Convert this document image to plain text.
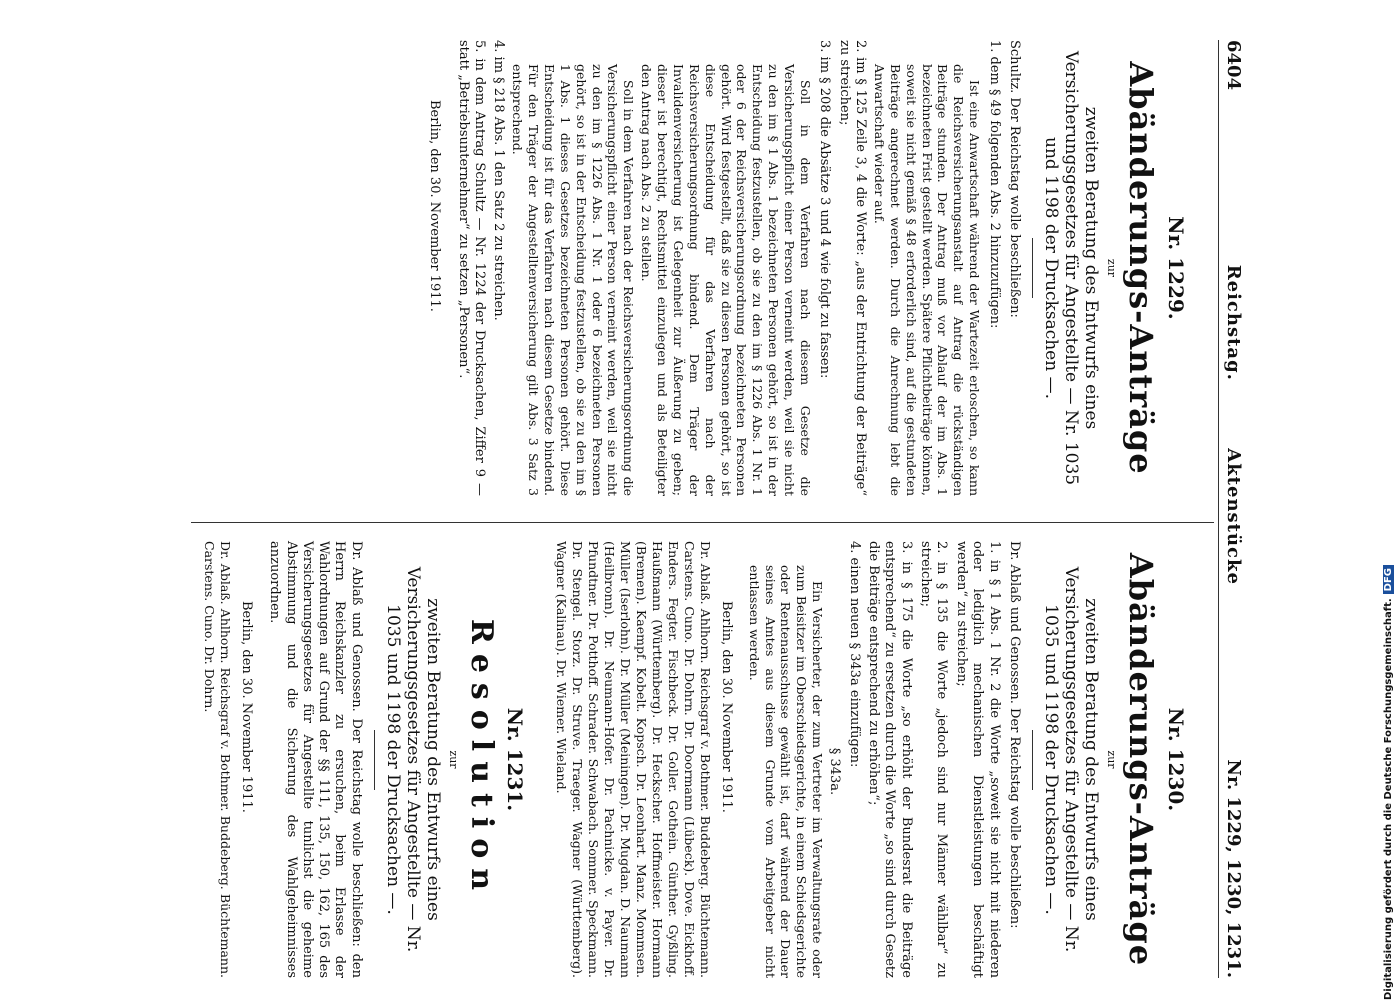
6404
Reichstag. Aktenstücke
Nr. 1229, 1230, 1231.
Nr. 1229.
Abänderungs-Anträge
zur
zweiten Beratung des Entwurfs eines Versicherungsgesetzes für Angestellte — Nr. 1035 und 1198 der Drucksachen —.
Schultz. Der Reichstag wolle beschließen:
1. dem § 49 folgenden Abs. 2 hinzuzufügen:
Ist eine Anwartschaft während der Wartezeit erloschen, so kann die Reichsversicherungsanstalt auf Antrag die rückständigen Beiträge stunden. Der Antrag muß vor Ablauf der im Abs. 1 bezeichneten Frist gestellt werden. Spätere Pflichtbeiträge können, soweit sie nicht gemäß § 48 erforderlich sind, auf die gestundeten Beiträge angerechnet werden. Durch die Anrechnung lebt die Anwartschaft wieder auf.
2. im § 125 Zeile 3, 4 die Worte: „aus der Entrichtung der Beiträge“ zu streichen;
3. im § 208 die Absätze 3 und 4 wie folgt zu fassen:
Soll in dem Verfahren nach diesem Gesetze die Versicherungspflicht einer Person verneint werden, weil sie nicht zu den im § 1 Abs. 1 bezeichneten Personen gehört, so ist in der Entscheidung festzustellen, ob sie zu den im § 1226 Abs. 1 Nr. 1 oder 6 der Reichsversicherungsordnung bezeichneten Personen gehört. Wird festgestellt, daß sie zu diesen Personen gehört, so ist diese Entscheidung für das Verfahren nach der Reichsversicherungsordnung bindend. Dem Träger der Invalidenversicherung ist Gelegenheit zur Äußerung zu geben; dieser ist berechtigt, Rechtsmittel einzulegen und als Beteiligter den Antrag nach Abs. 2 zu stellen.
Soll in dem Verfahren nach der Reichsversicherungsordnung die Versicherungspflicht einer Person verneint werden, weil sie nicht zu den im § 1226 Abs. 1 Nr. 1 oder 6 bezeichneten Personen gehört, so ist in der Entscheidung festzustellen, ob sie zu den im § 1 Abs. 1 dieses Gesetzes bezeichneten Personen gehört. Diese Entscheidung ist für das Verfahren nach diesem Gesetze bindend. Für den Träger der Angestelltenversicherung gilt Abs. 3 Satz 3 entsprechend.
4. im § 218 Abs. 1 den Satz 2 zu streichen.
5. in dem Antrag Schultz — Nr. 1224 der Drucksachen, Ziffer 9 — statt „Betriebsunternehmer“ zu setzen „Personen“.
Berlin, den 30. November 1911.
Nr. 1230.
Abänderungs-Anträge
zur
zweiten Beratung des Entwurfs eines Versicherungsgesetzes für Angestellte — Nr. 1035 und 1198 der Drucksachen —.
Dr. Ablaß und Genossen. Der Reichstag wolle beschließen:
1. in § 1 Abs. 1 Nr. 2 die Worte „soweit sie nicht mit niederen oder lediglich mechanischen Dienstleistungen beschäftigt werden“ zu streichen;
2. in § 135 die Worte „jedoch sind nur Männer wählbar“ zu streichen;
3. in § 175 die Worte „so erhöht der Bundesrat die Beiträge entsprechend“ zu ersetzen durch die Worte „so sind durch Gesetz die Beiträge entsprechend zu erhöhen“;
4. einen neuen § 343a einzufügen:
§ 343a.
Ein Versicherter, der zum Vertreter im Verwaltungsrate oder zum Beisitzer im Oberschiedsgerichte, in einem Schiedsgerichte oder Rentenausschusse gewählt ist, darf während der Dauer seines Amtes aus diesem Grunde vom Arbeitgeber nicht entlassen werden.
Berlin, den 30. November 1911.
Dr. Ablaß. Ahlhorn. Reichsgraf v. Bothmer. Buddeberg. Büchtemann. Carstens. Cuno. Dr. Dohrn. Dr. Doormann (Lübeck). Dove. Eickhoff. Enders. Fegter. Fischbeck. Dr. Goller. Gothein. Günther. Gyßling. Haußmann (Württemberg). Dr. Heckscher. Hoffmeister. Hormann (Bremen). Kaempf. Kobelt. Kopsch. Dr. Leonhart. Manz. Mommsen. Müller (Iserlohn). Dr. Müller (Meiningen). Dr. Mugdan. D. Naumann (Heilbronn). Dr. Neumann-Hofer. Dr. Pachnicke. v. Payer. Dr. Pfundtner. Dr. Potthoff. Schrader. Schwabach. Sommer. Speckmann. Dr. Stengel. Storz. Dr. Struve. Traeger. Wagner (Württemberg). Wagner (Kalinau). Dr. Wiemer. Wieland.
Nr. 1231.
Resolution
zur
zweiten Beratung des Entwurfs eines Versicherungsgesetzes für Angestellte — Nr. 1035 und 1198 der Drucksachen —.
Dr. Ablaß und Genossen. Der Reichstag wolle beschließen: den Herrn Reichskanzler zu ersuchen, beim Erlasse der Wahlordnungen auf Grund der §§ 111, 135, 150, 162, 165 des Versicherungsgesetzes für Angestellte tunlichst die geheime Abstimmung und die Sicherung des Wahlgeheimnisses anzuordnen.
Berlin, den 30. November 1911.
Dr. Ablaß. Ahlhorn. Reichsgraf v. Bothmer. Buddeberg. Büchtemann. Carstens. Cuno. Dr. Dohrn.	Digitalisierung gefördert durch die Deutsche Forschungsgemeinschaft.DFG
